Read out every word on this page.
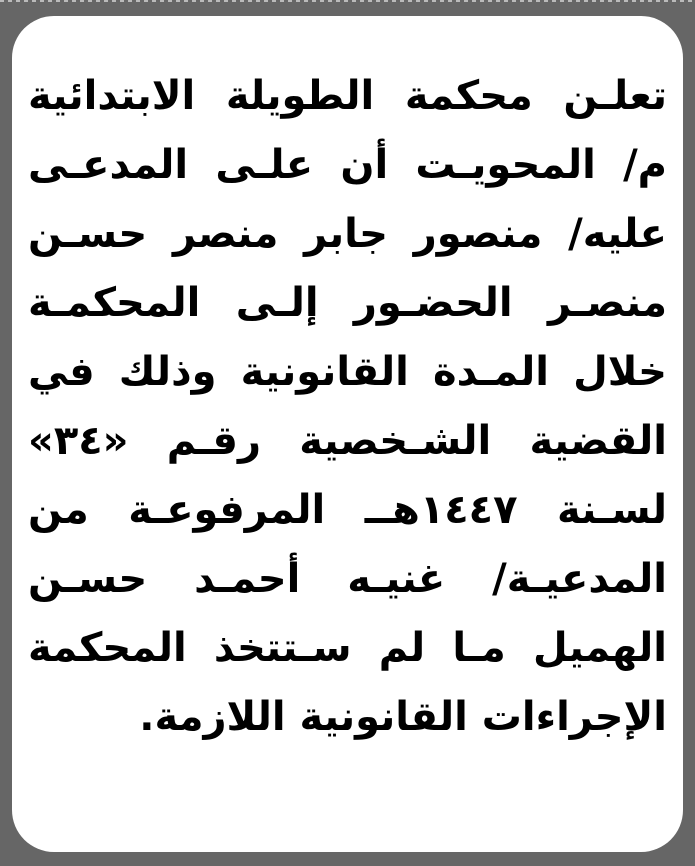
تعلـن محكمة الطويلة الابتدائية
م/ المحويـت أن علـى المدعـى
عليه/ منصور جابر منصر حسـن
منصـر الحضـور إلـى المحكمـة
خلال المـدة القانونية وذلك في
القضية الشـخصية رقـم «٣٤»
لسـنة ١٤٤٧هــ المرفوعـة من
المدعيـة/ غنيـه أحمـد حسـن
الهميل مـا لم سـتتخذ المحكمة
الإجراءات القانونية اللازمة.
